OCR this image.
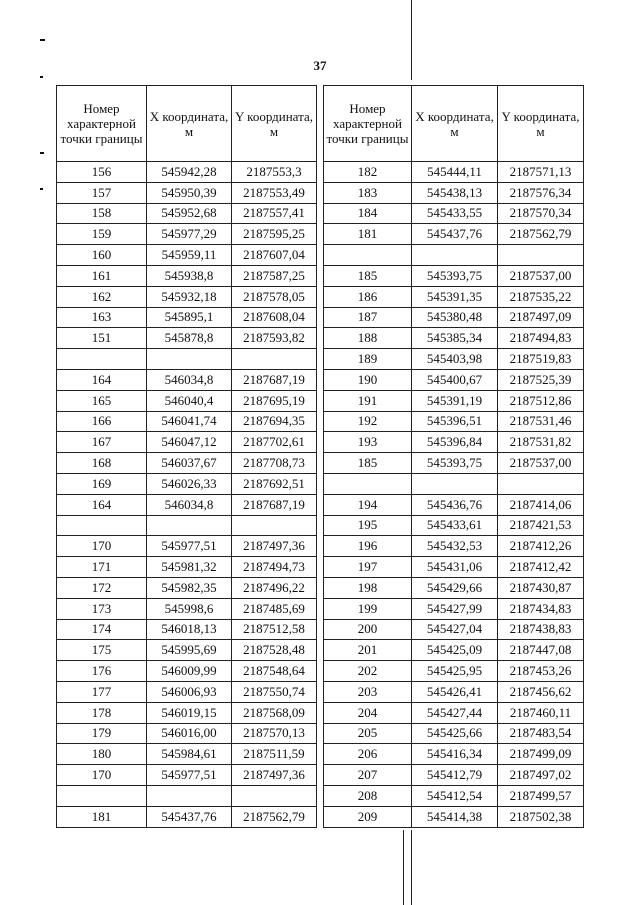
37
Номер характерной точки границы	X координата, м	Y координата, м
156	545942,28	2187553,3
157	545950,39	2187553,49
158	545952,68	2187557,41
159	545977,29	2187595,25
160	545959,11	2187607,04
161	545938,8	2187587,25
162	545932,18	2187578,05
163	545895,1	2187608,04
151	545878,8	2187593,82

164	546034,8	2187687,19
165	546040,4	2187695,19
166	546041,74	2187694,35
167	546047,12	2187702,61
168	546037,67	2187708,73
169	546026,33	2187692,51
164	546034,8	2187687,19

170	545977,51	2187497,36
171	545981,32	2187494,73
172	545982,35	2187496,22
173	545998,6	2187485,69
174	546018,13	2187512,58
175	545995,69	2187528,48
176	546009,99	2187548,64
177	546006,93	2187550,74
178	546019,15	2187568,09
179	546016,00	2187570,13
180	545984,61	2187511,59
170	545977,51	2187497,36

181	545437,76	2187562,79
Номер характерной точки границы	X координата, м	Y координата, м
182	545444,11	2187571,13
183	545438,13	2187576,34
184	545433,55	2187570,34
181	545437,76	2187562,79

185	545393,75	2187537,00
186	545391,35	2187535,22
187	545380,48	2187497,09
188	545385,34	2187494,83
189	545403,98	2187519,83
190	545400,67	2187525,39
191	545391,19	2187512,86
192	545396,51	2187531,46
193	545396,84	2187531,82
185	545393,75	2187537,00

194	545436,76	2187414,06
195	545433,61	2187421,53
196	545432,53	2187412,26
197	545431,06	2187412,42
198	545429,66	2187430,87
199	545427,99	2187434,83
200	545427,04	2187438,83
201	545425,09	2187447,08
202	545425,95	2187453,26
203	545426,41	2187456,62
204	545427,44	2187460,11
205	545425,66	2187483,54
206	545416,34	2187499,09
207	545412,79	2187497,02
208	545412,54	2187499,57
209	545414,38	2187502,38
